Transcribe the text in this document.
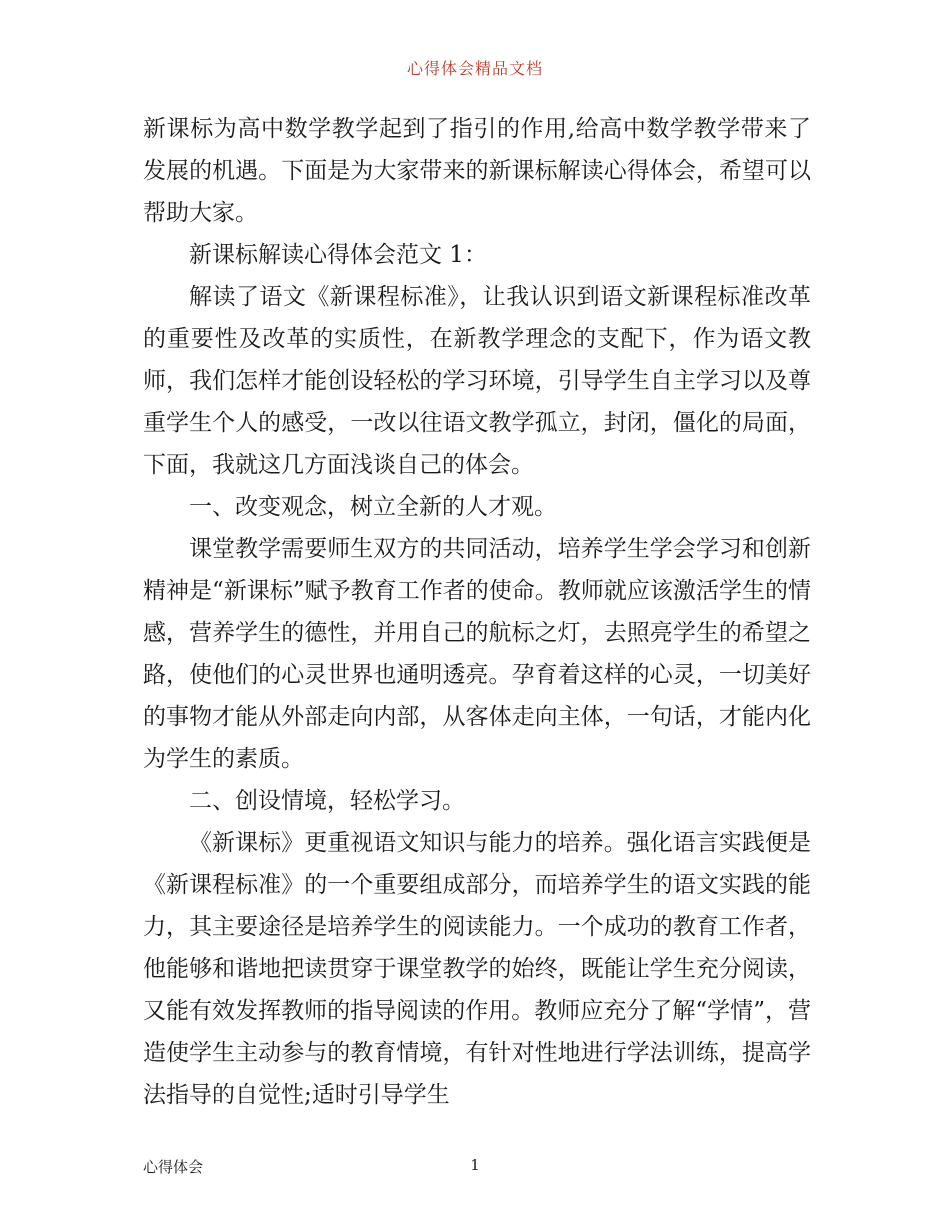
心得体会精品文档

新课标为高中数学教学起到了指引的作用,给高中数学教学带来了发展的机遇。下面是为大家带来的新课标解读心得体会，希望可以帮助大家。

新课标解读心得体会范文 1：

解读了语文《新课程标准》，让我认识到语文新课程标准改革的重要性及改革的实质性，在新教学理念的支配下，作为语文教师，我们怎样才能创设轻松的学习环境，引导学生自主学习以及尊重学生个人的感受，一改以往语文教学孤立，封闭，僵化的局面，下面，我就这几方面浅谈自己的体会。

一、改变观念，树立全新的人才观。

课堂教学需要师生双方的共同活动，培养学生学会学习和创新精神是“新课标”赋予教育工作者的使命。教师就应该激活学生的情感，营养学生的德性，并用自己的航标之灯，去照亮学生的希望之路，使他们的心灵世界也通明透亮。孕育着这样的心灵，一切美好的事物才能从外部走向内部，从客体走向主体，一句话，才能内化为学生的素质。

二、创设情境，轻松学习。

《新课标》更重视语文知识与能力的培养。强化语言实践便是《新课程标准》的一个重要组成部分，而培养学生的语文实践的能力，其主要途径是培养学生的阅读能力。一个成功的教育工作者，他能够和谐地把读贯穿于课堂教学的始终，既能让学生充分阅读，又能有效发挥教师的指导阅读的作用。教师应充分了解“学情”，营造使学生主动参与的教育情境，有针对性地进行学法训练，提高学法指导的自觉性;适时引导学生

心得体会	1
